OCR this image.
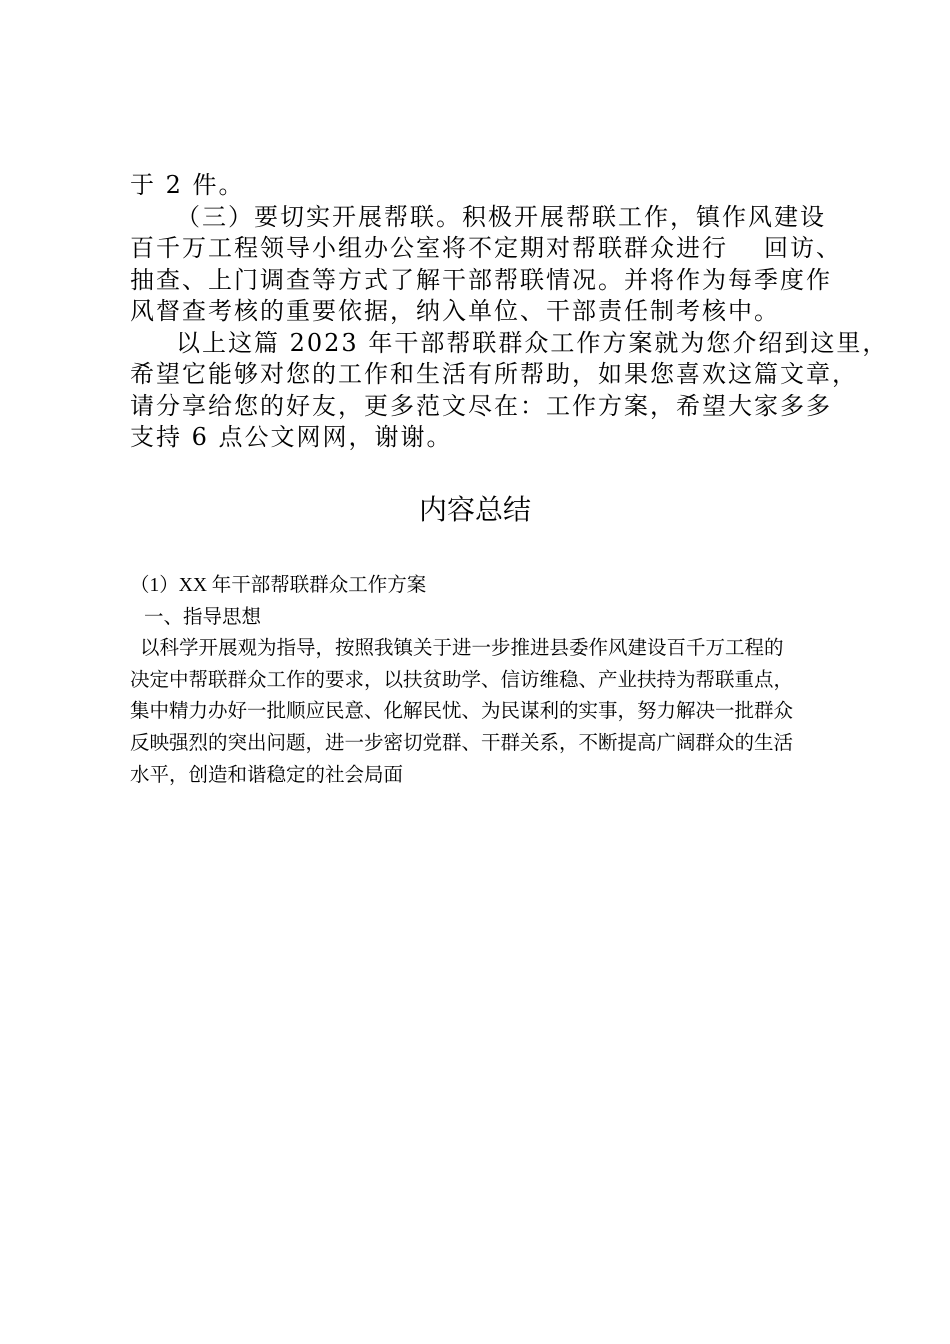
于 2 件。

（三）要切实开展帮联。积极开展帮联工作，镇作风建设

百千万工程领导小组办公室将不定期对帮联群众进行 回访、

抽查、上门调查等方式了解干部帮联情况。并将作为每季度作

风督查考核的重要依据，纳入单位、干部责任制考核中。

以上这篇 2023 年干部帮联群众工作方案就为您介绍到这里，

希望它能够对您的工作和生活有所帮助，如果您喜欢这篇文章，

请分享给您的好友，更多范文尽在：工作方案，希望大家多多

支持 6 点公文网网，谢谢。

内容总结

（1）XX 年干部帮联群众工作方案

一、指导思想

以科学开展观为指导，按照我镇关于进一步推进县委作风建设百千万工程的

决定中帮联群众工作的要求，以扶贫助学、信访维稳、产业扶持为帮联重点，

集中精力办好一批顺应民意、化解民忧、为民谋利的实事，努力解决一批群众

反映强烈的突出问题，进一步密切党群、干群关系，不断提高广阔群众的生活

水平，创造和谐稳定的社会局面
